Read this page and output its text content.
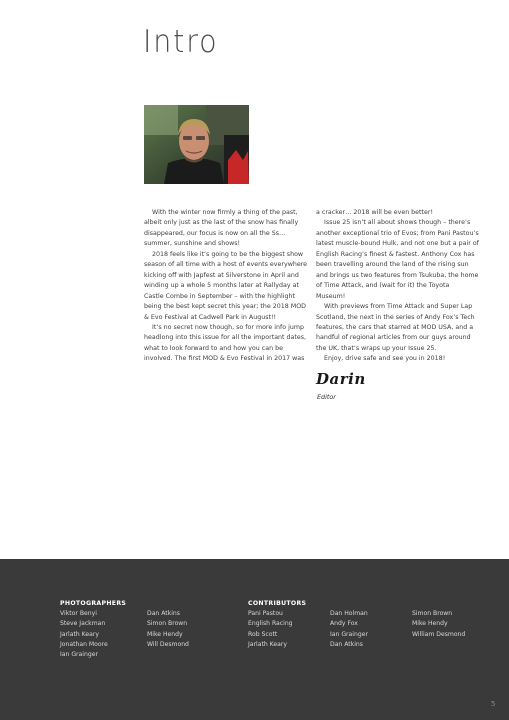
Intro

With the winter now firmly a thing of the past, albeit only just as the last of the snow has finally disappeared, our focus is now on all the Ss… summer, sunshine and shows!

2018 feels like it’s going to be the biggest show season of all time with a host of events everywhere kicking off with Japfest at Silverstone in April and winding up a whole 5 months later at Rallyday at Castle Combe in September – with the highlight being the best kept secret this year; the 2018 MOD & Evo Festival at Cadwell Park in August!!

It’s no secret now though, so for more info jump headlong into this issue for all the important dates, what to look forward to and how you can be involved. The first MOD & Evo Festival in 2017 was

a cracker… 2018 will be even better!

Issue 25 isn’t all about shows though – there’s another exceptional trio of Evos; from Pani Pastou’s latest muscle-bound Hulk, and not one but a pair of English Racing’s finest & fastest. Anthony Cox has been travelling around the land of the rising sun and brings us two features from Tsukuba, the home of Time Attack, and (wait for it) the Toyota Museum!

With previews from Time Attack and Super Lap Scotland, the next in the series of Andy Fox’s Tech features, the cars that starred at MOD USA, and a handful of regional articles from our guys around the UK, that’s wraps up your Issue 25.

Enjoy, drive safe and see you in 2018!

Darin
Editor
PHOTOGRAPHERS
Viktor Benyi
Steve Jackman
Jarlath Keary
Jonathan Moore
Ian Grainger
Dan Atkins
Simon Brown
Mike Hendy
Will Desmond
CONTRIBUTORS
Pani Pastou
English Racing
Rob Scott
Jarlath Keary
Dan Holman
Andy Fox
Ian Grainger
Dan Atkins
Simon Brown
Mike Hendy
William Desmond
5
